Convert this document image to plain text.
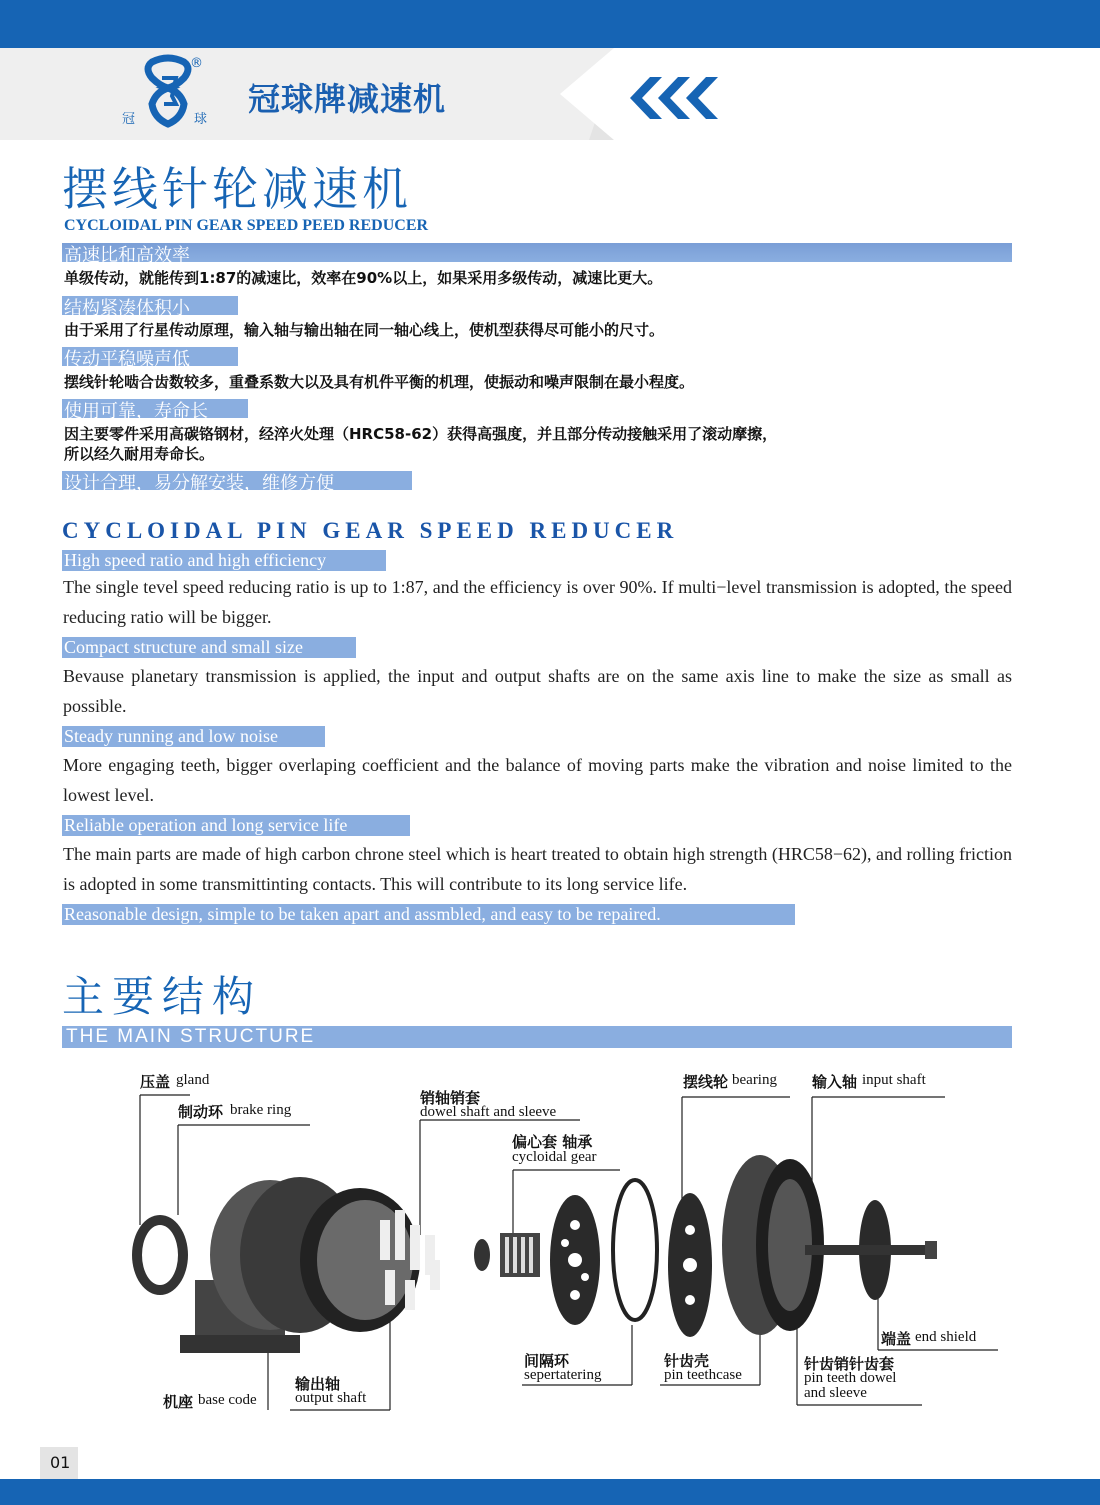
®
冠	球
冠球牌减速机
摆线针轮减速机
CYCLOIDAL PIN GEAR SPEED PEED REDUCER
高速比和高效率
单级传动，就能传到1:87的减速比，效率在90%以上，如果采用多级传动，减速比更大。
结构紧凑体积小
由于采用了行星传动原理，输入轴与输出轴在同一轴心线上，使机型获得尽可能小的尺寸。
传动平稳噪声低
摆线针轮啮合齿数较多，重叠系数大以及具有机件平衡的机理，使振动和噪声限制在最小程度。
使用可靠，寿命长
因主要零件采用高碳铬钢材，经淬火处理（HRC58-62）获得高强度，并且部分传动接触采用了滚动摩擦，
所以经久耐用寿命长。
设计合理，易分解安装，维修方便
CYCLOIDAL PIN GEAR SPEED REDUCER
High speed ratio and high efficiency
The single tevel speed reducing ratio is up to 1:87, and the efficiency is over 90%. If multi−level transmission is adopted, the speed reducing ratio will be bigger.
Compact structure and small size
Bevause planetary transmission is applied, the input and output shafts are on the same axis line to make the size as small as possible.
Steady running and low noise
More engaging teeth, bigger overlaping coefficient and the balance of moving parts make the vibration and noise limited to the lowest level.
Reliable operation and long service life
The main parts are made of high carbon chrone steel which is heart treated to obtain high strength (HRC58−62), and rolling friction is adopted in some transmittinting contacts. This will contribute to its long service life.
Reasonable design, simple to be taken apart and assmbled, and easy to be repaired.
主要结构
THE MAIN STRUCTURE
压盖 gland
制动环 brake ring
销轴销套
dowel shaft and sleeve
偏心套 轴承
cycloidal gear
摆线轮 bearing 输入轴 input shaft
端盖 end shield
针齿销针齿套
pin teeth dowel
and sleeve
针齿壳
pin teethcase
间隔环
sepertatering
输出轴
output shaft
机座 base code
01
